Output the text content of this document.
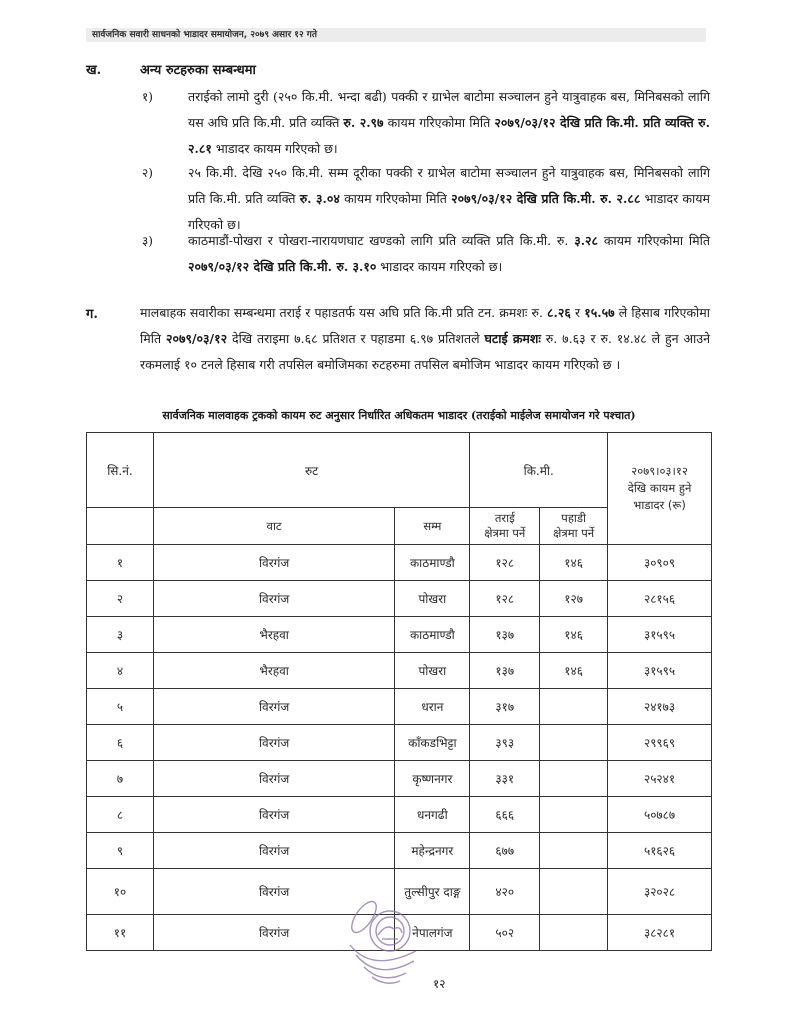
सार्वजनिक सवारी साधनको भाडादर समायोजन, २०७९ असार १२ गते
ख.	अन्य रुटहरुका सम्बन्धमा
१)	तराईको लामो दुरी (२५० कि.मी. भन्दा बढी) पक्की र ग्राभेल बाटोमा सञ्चालन हुने यात्रुवाहक बस, मिनिबसको लागि यस अघि प्रति कि.मी. प्रति व्यक्ति रु. २.९७ कायम गरिएकोमा मिति २०७९/०३/१२ देखि प्रति कि.मी. प्रति व्यक्ति रु. २.८१ भाडादर कायम गरिएको छ।
२)	२५ कि.मी. देखि २५० कि.मी. सम्म दूरीका पक्की र ग्राभेल बाटोमा सञ्चालन हुने यात्रुवाहक बस, मिनिबसको लागि प्रति कि.मी. प्रति व्यक्ति रु. ३.०४ कायम गरिएकोमा मिति २०७९/०३/१२ देखि प्रति कि.मी. रु. २.८८ भाडादर कायम गरिएको छ।
३)	काठमाडौं-पोखरा र पोखरा-नारायणघाट खण्डको लागि प्रति व्यक्ति प्रति कि.मी. रु. ३.२८ कायम गरिएकोमा मिति २०७९/०३/१२ देखि प्रति कि.मी. रु. ३.१० भाडादर कायम गरिएको छ।
ग.	मालबाहक सवारीका सम्बन्धमा तराई र पहाडतर्फ यस अघि प्रति कि.मी प्रति टन. क्रमशः रु. ८.२६ र १५.५७ ले हिसाब गरिएकोमा मिति २०७९/०३/१२ देखि तराइमा ७.६८ प्रतिशत र पहाडमा ६.९७ प्रतिशतले घटाई क्रमशः रु. ७.६३ र रु. १४.४८ ले हुन आउने रकमलाई १० टनले हिसाब गरी तपसिल बमोजिमका रुटहरुमा तपसिल बमोजिम भाडादर कायम गरिएको छ ।
सार्वजनिक मालवाहक ट्रकको कायम रुट अनुसार निर्धारित अधिकतम भाडादर (तराईको माईलेज समायोजन गरे पश्चात)
सि.नं.	रुट		कि.मी.		२०७९।०३।१२
देखि कायम हुने
भाडादर (रू)

	वाट	सम्म	
तराई
क्षेत्रमा पर्ने

पहाडी
क्षेत्रमा पर्ने

१	विरगंज	काठमाण्डौ	१२८	१४६	३०९०९
२	विरगंज	पोखरा	१२८	१२७	२८१५६
३	भैरहवा	काठमाण्डौ	१३७	१४६	३१५९५
४	भैरहवा	पोखरा	१३७	१४६	३१५९५
५	विरगंज	धरान	३१७		२४१७३
६	विरगंज	काँकडभिट्टा	३९३		२९९६९
७	विरगंज	कृष्णनगर	३३१		२५२४१
८	विरगंज	धनगढी	६६६		५०७८७
९	विरगंज	महेन्द्रनगर	६७७		५१६२६
१०	विरगंज	तुल्सीपुर दाङ्ग	४२०		३२०२८
११	विरगंज	नेपालगंज	५०२		३८२८१
१२
